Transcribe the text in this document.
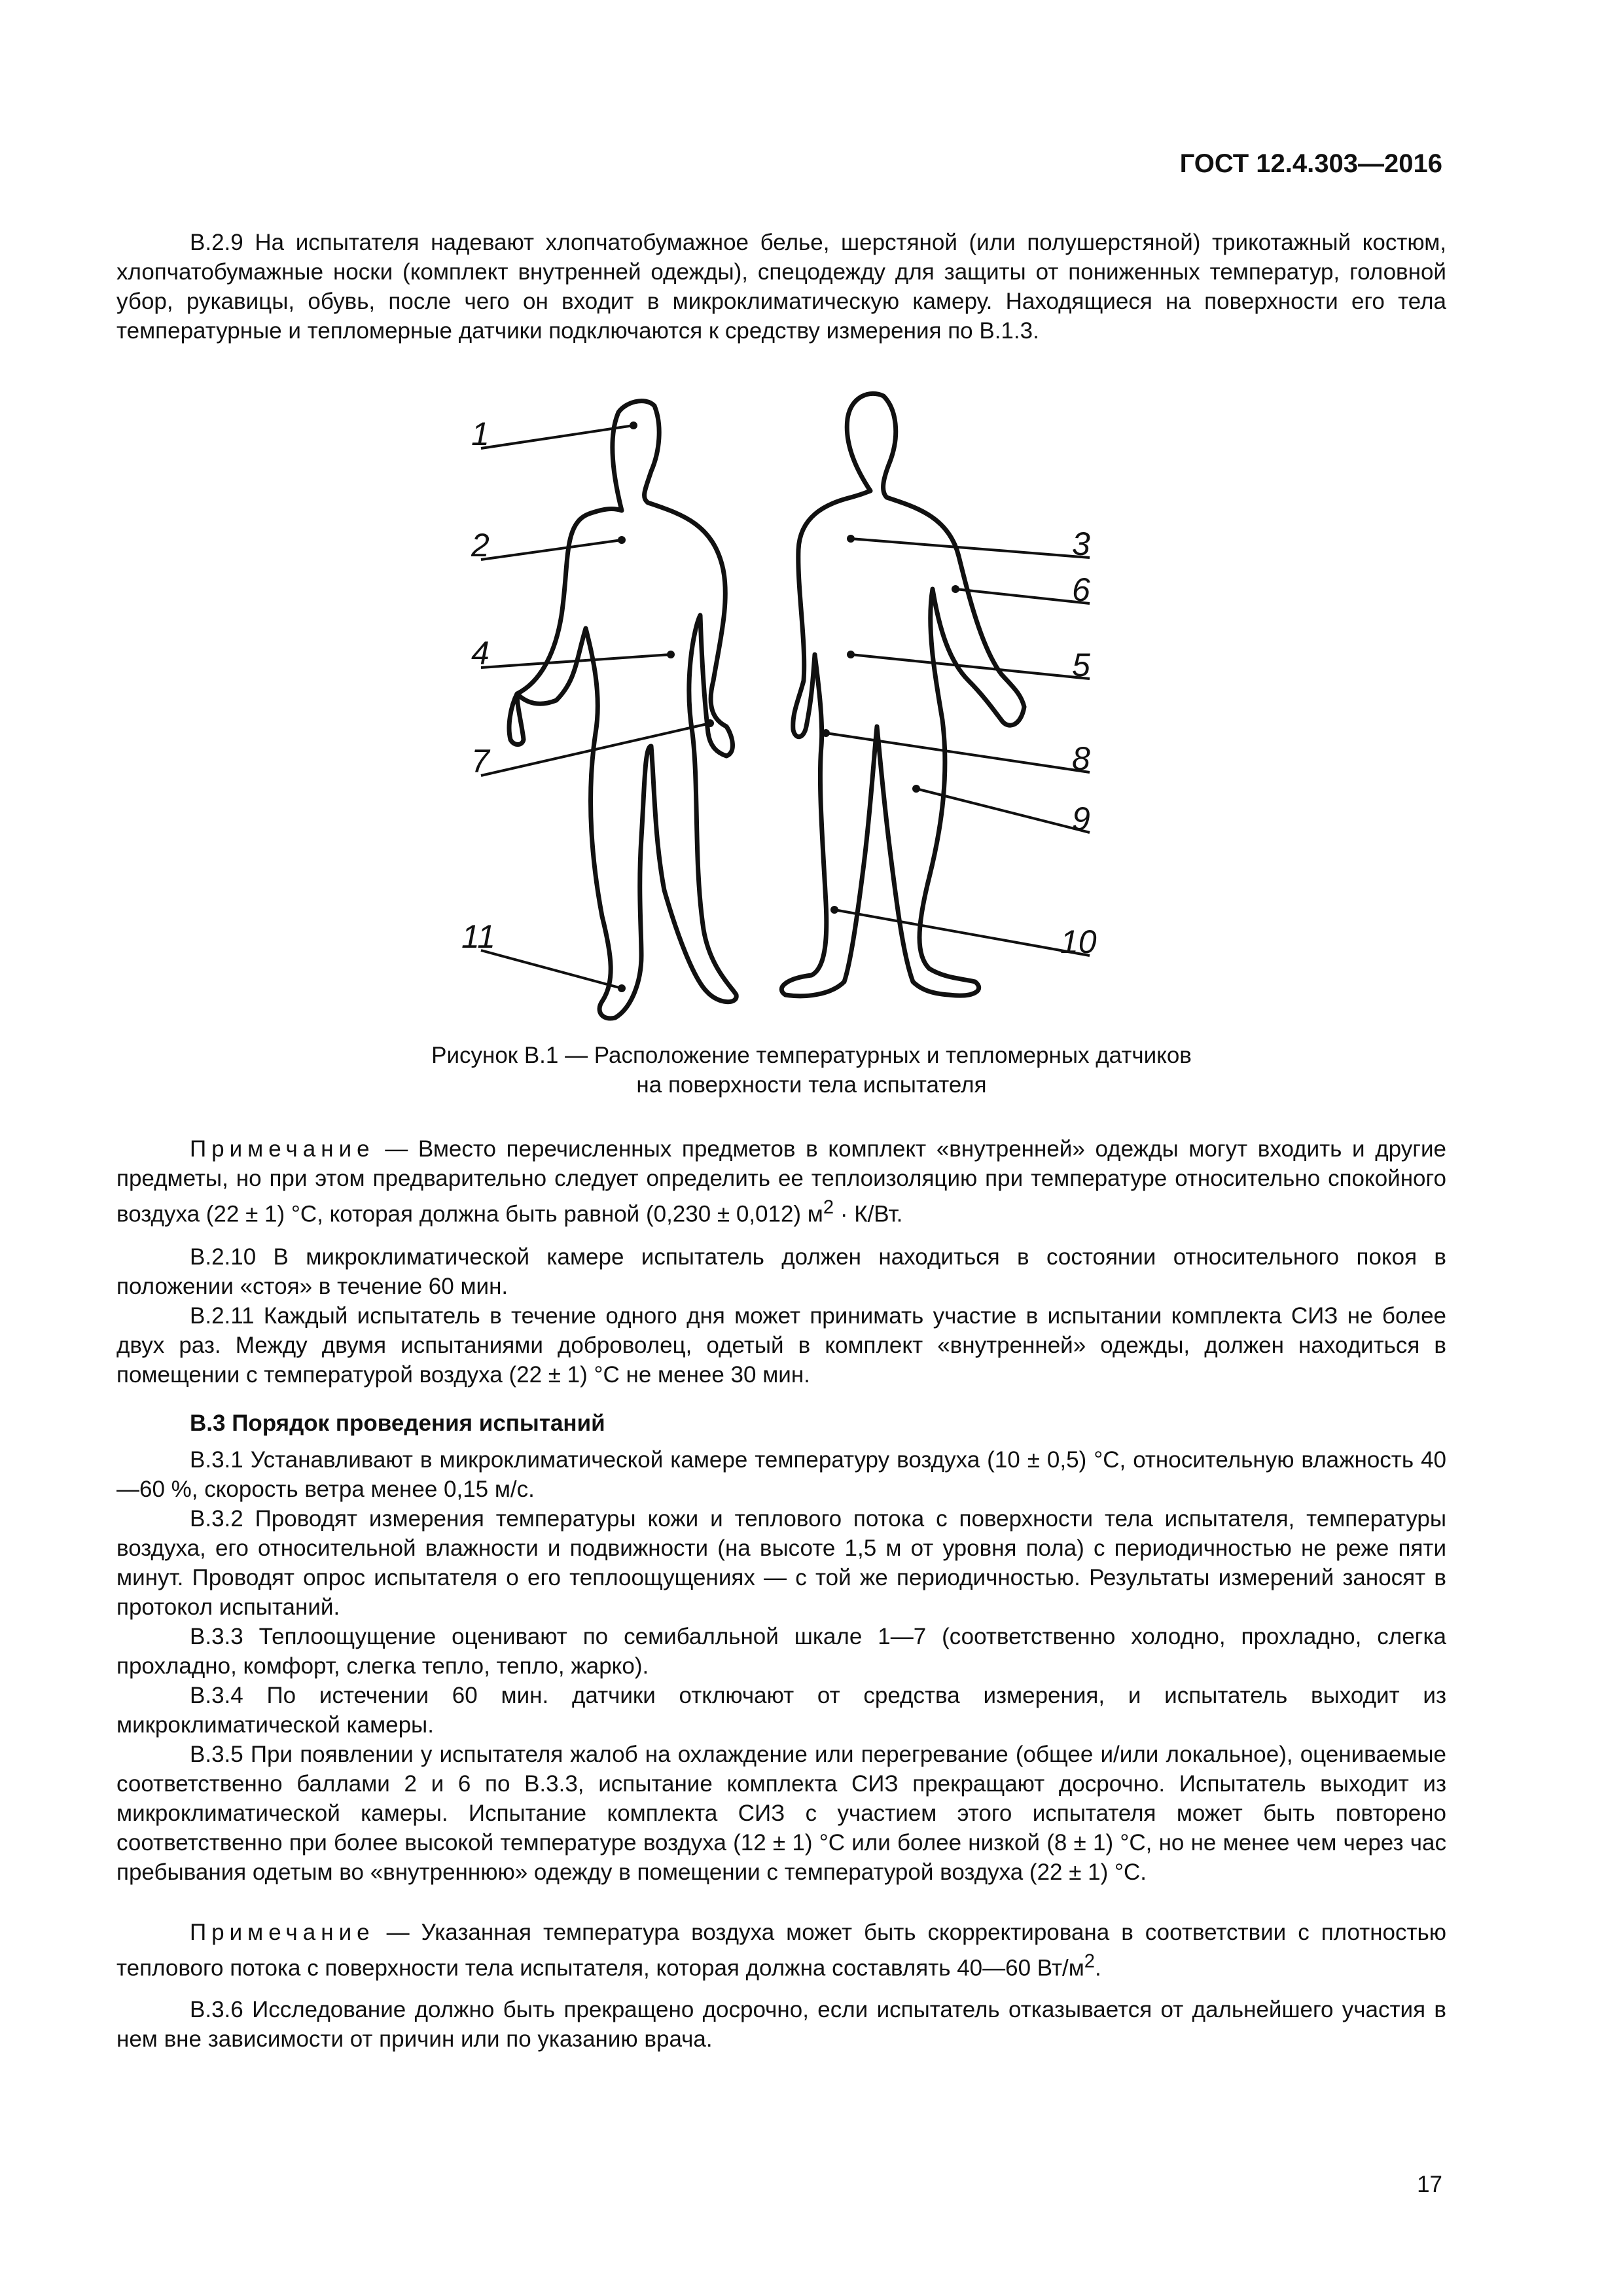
ГОСТ 12.4.303—2016

В.2.9 На испытателя надевают хлопчатобумажное белье, шерстяной (или полушерстяной) трикотажный костюм, хлопчатобумажные носки (комплект внутренней одежды), спецодежду для защиты от пониженных температур, головной убор, рукавицы, обувь, после чего он входит в микроклиматическую камеру. Находящиеся на поверхности его тела температурные и тепломерные датчики подключаются к средству измерения по В.1.3.

1
2
4
7
11
3
6
5
8
9
10
Рисунок В.1 — Расположение температурных и тепломерных датчиков
на поверхности тела испытателя

Примечание — Вместо перечисленных предметов в комплект «внутренней» одежды могут входить и другие предметы, но при этом предварительно следует определить ее теплоизоляцию при температуре относительно спокойного воздуха (22 ± 1) °С, которая должна быть равной (0,230 ± 0,012) $м^2 \cdot К/Вт$.

В.2.10 В микроклиматической камере испытатель должен находиться в состоянии относительного покоя в положении «стоя» в течение 60 мин.

В.2.11 Каждый испытатель в течение одного дня может принимать участие в испытании комплекта СИЗ не более двух раз. Между двумя испытаниями доброволец, одетый в комплект «внутренней» одежды, должен находиться в помещении с температурой воздуха (22 ± 1) °С не менее 30 мин.

В.3 Порядок проведения испытаний

В.3.1 Устанавливают в микроклиматической камере температуру воздуха (10 ± 0,5) °С, относительную влажность 40—60 %, скорость ветра менее 0,15 м/с.

В.3.2 Проводят измерения температуры кожи и теплового потока с поверхности тела испытателя, температуры воздуха, его относительной влажности и подвижности (на высоте 1,5 м от уровня пола) с периодичностью не реже пяти минут. Проводят опрос испытателя о его теплоощущениях — с той же периодичностью. Результаты измерений заносят в протокол испытаний.

В.3.3 Теплоощущение оценивают по семибалльной шкале 1—7 (соответственно холодно, прохладно, слегка прохладно, комфорт, слегка тепло, тепло, жарко).

В.3.4 По истечении 60 мин. датчики отключают от средства измерения, и испытатель выходит из микроклиматической камеры.

В.3.5 При появлении у испытателя жалоб на охлаждение или перегревание (общее и/или локальное), оцениваемые соответственно баллами 2 и 6 по В.3.3, испытание комплекта СИЗ прекращают досрочно. Испытатель выходит из микроклиматической камеры. Испытание комплекта СИЗ с участием этого испытателя может быть повторено соответственно при более высокой температуре воздуха (12 ± 1) °С или более низкой (8 ± 1) °С, но не менее чем через час пребывания одетым во «внутреннюю» одежду в помещении с температурой воздуха (22 ± 1) °С.

Примечание — Указанная температура воздуха может быть скорректирована в соответствии с плотностью теплового потока с поверхности тела испытателя, которая должна составлять 40—60 $Вт/м^2$.

В.3.6 Исследование должно быть прекращено досрочно, если испытатель отказывается от дальнейшего участия в нем вне зависимости от причин или по указанию врача.

17
